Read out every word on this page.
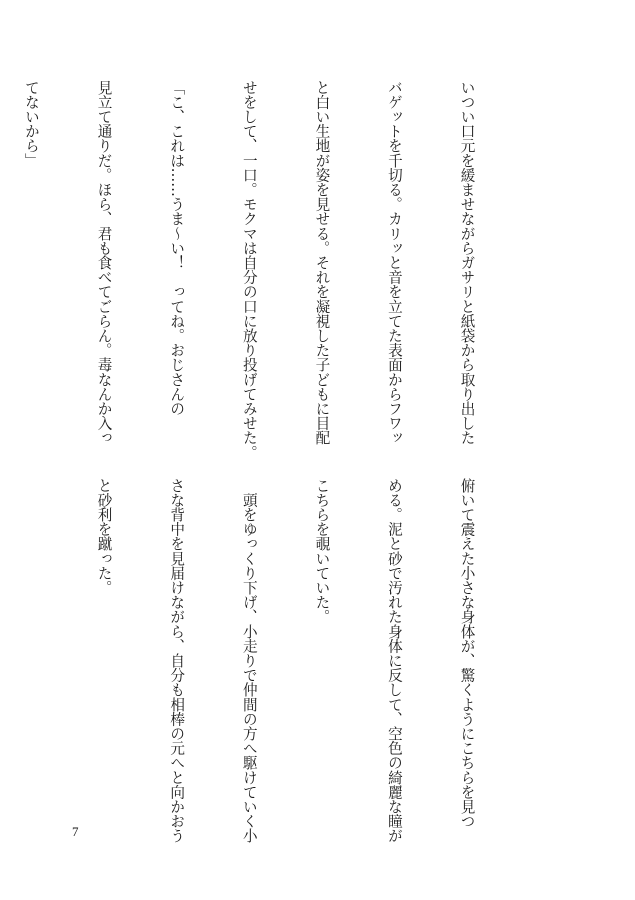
いつい口元を緩ませながらガサリと紙袋から取り出した

バゲットを千切る。カリッと音を立てた表面からフワッ

と白い生地が姿を見せる。それを凝視した子どもに目配

せをして、一口。モクマは自分の口に放り投げてみせた。

「こ、これは……うま～い！　ってね。おじさんの

見立て通りだ。ほら、君も食べてごらん。毒なんか入っ

てないから」

俯いて震えた小さな身体が、驚くようにこちらを見つ

める。泥と砂で汚れた身体に反して、空色の綺麗な瞳が

こちらを覗いていた。

　頭をゆっくり下げ、小走りで仲間の方へ駆けていく小

さな背中を見届けながら、自分も相棒の元へと向かおう

と砂利を蹴った。

7
